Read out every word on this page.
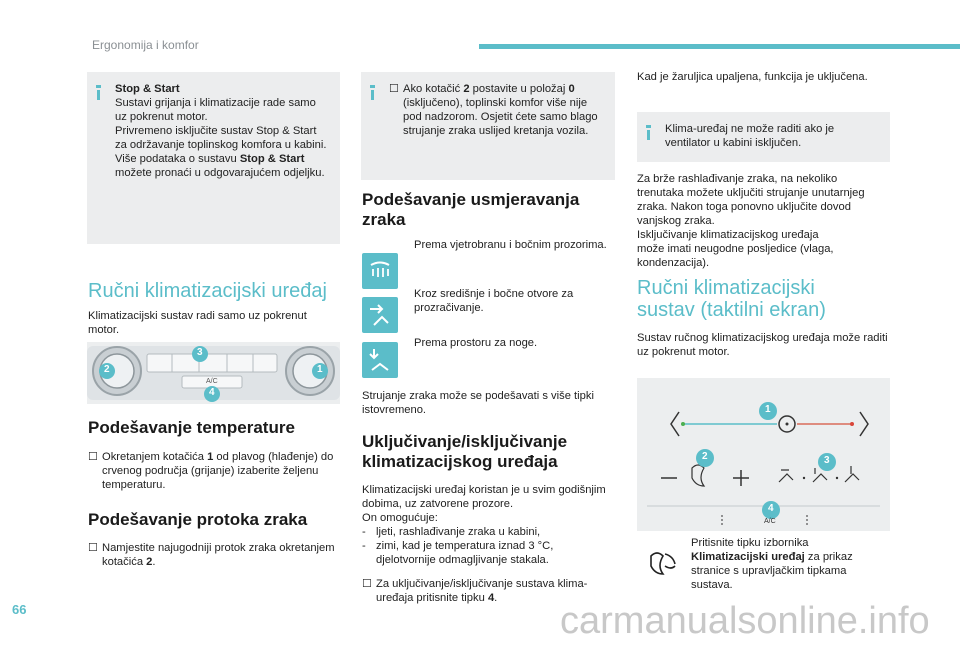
Ergonomija i komfor
Stop & Start
Sustavi grijanja i klimatizacije rade samo
uz pokrenut motor.
Privremeno isključite sustav Stop & Start
za održavanje toplinskog komfora u kabini.
Više podataka o sustavu Stop & Start
možete pronaći u odgovarajućem odjeljku.
Ručni klimatizacijski uređaj
Klimatizacijski sustav radi samo uz pokrenut motor.
A/C
1
2
3
4
Podešavanje temperature
☐ Okretanjem kotačića 1 od plavog (hlađenje) do crvenog područja (grijanje) izaberite željenu temperaturu.
Podešavanje protoka zraka
☐ Namjestite najugodniji protok zraka okretanjem kotačića 2.
☐ Ako kotačić 2 postavite u položaj 0 (isključeno), toplinski komfor više nije pod nadzorom. Osjetit ćete samo blago strujanje zraka uslijed kretanja vozila.
Podešavanje usmjeravanja zraka
Prema vjetrobranu i bočnim prozorima.
Kroz središnje i bočne otvore za prozračivanje.
Prema prostoru za noge.
Strujanje zraka može se podešavati s više tipki istovremeno.
Uključivanje/isključivanje klimatizacijskog uređaja
Klimatizacijski uređaj koristan je u svim godišnjim dobima, uz zatvorene prozore.
On omogućuje:
- ljeti, rashlađivanje zraka u kabini,
- zimi, kad je temperatura iznad 3 °C, djelotvornije odmagljivanje stakala.
☐ Za uključivanje/isključivanje sustava klima-uređaja pritisnite tipku 4.
Kad je žaruljica upaljena, funkcija je uključena.
Klima-uređaj ne može raditi ako je ventilator u kabini isključen.
Za brže rashlađivanje zraka, na nekoliko
trenutaka možete uključiti strujanje unutarnjeg
zraka. Nakon toga ponovno uključite dovod
vanjskog zraka.
Isključivanje klimatizacijskog uređaja
može imati neugodne posljedice (vlaga,
kondenzacija).
Ručni klimatizacijski
sustav (taktilni ekran)
Sustav ručnog klimatizacijskog uređaja može raditi uz pokrenut motor.
A/C
1
2	3
4
Pritisnite tipku izbornika
Klimatizacijski uređaj za prikaz stranice s upravljačkim tipkama sustava.
66	carmanualsonline.info
